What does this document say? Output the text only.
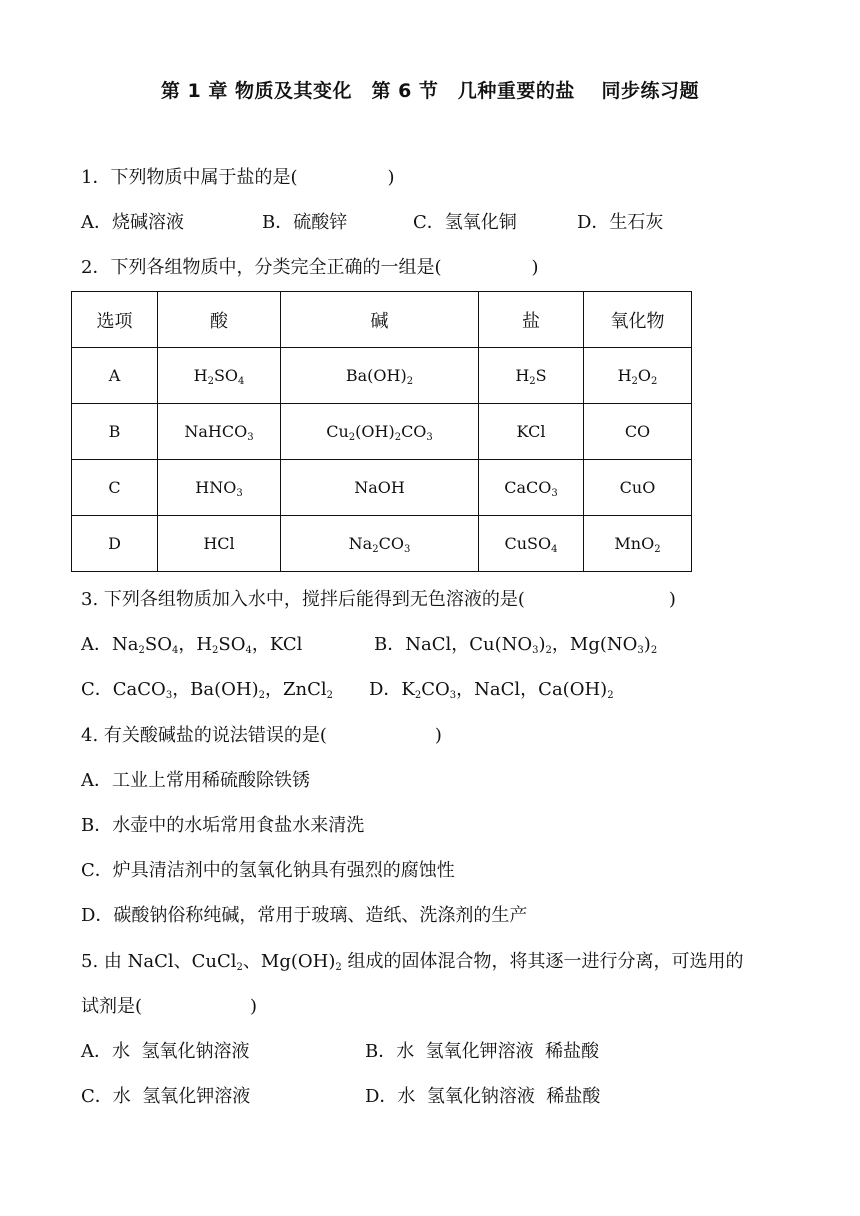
第 1 章 物质及其变化　第 6 节　几种重要的盐　 同步练习题
1．下列物质中属于盐的是(　　　　　)
A．烧碱溶液	B．硫酸锌	C．氢氧化铜	D．生石灰
2．下列各组物质中，分类完全正确的一组是(　　　　　)
选项	酸	碱	盐	氧化物
A	$H_2SO_4$	$Ba(OH)_2$	$H_2S$	$H_2O_2$
B	NaHCO$_3$	$Cu_2(OH)_2CO_3$	KCl	CO
C	$HNO_3$	NaOH	CaCO$_3$	CuO
D	HCl	$Na_2CO_3$	CuSO$_4$	MnO$_2$
3. 下列各组物质加入水中，搅拌后能得到无色溶液的是(　　　　　　　　)
A．$Na_2SO_4$，$H_2SO_4$，KCl	B．NaCl，$Cu(NO_3)_2$，$Mg(NO_3)_2$
C．CaCO$_3$，$Ba(OH)_2$，ZnCl$_2$ D．$K_2CO_3$，NaCl，$Ca(OH)_2$
4. 有关酸碱盐的说法错误的是(　　　　　　)
A．工业上常用稀硫酸除铁锈
B．水壶中的水垢常用食盐水来清洗
C．炉具清洁剂中的氢氧化钠具有强烈的腐蚀性
D．碳酸钠俗称纯碱，常用于玻璃、造纸、洗涤剂的生产
5. 由 NaCl、CuCl$_2$、$Mg(OH)_2$ 组成的固体混合物，将其逐一进行分离，可选用的
试剂是(　　　　　　)
A．水  氢氧化钠溶液	B．水  氢氧化钾溶液  稀盐酸
C．水  氢氧化钾溶液	D．水  氢氧化钠溶液  稀盐酸
